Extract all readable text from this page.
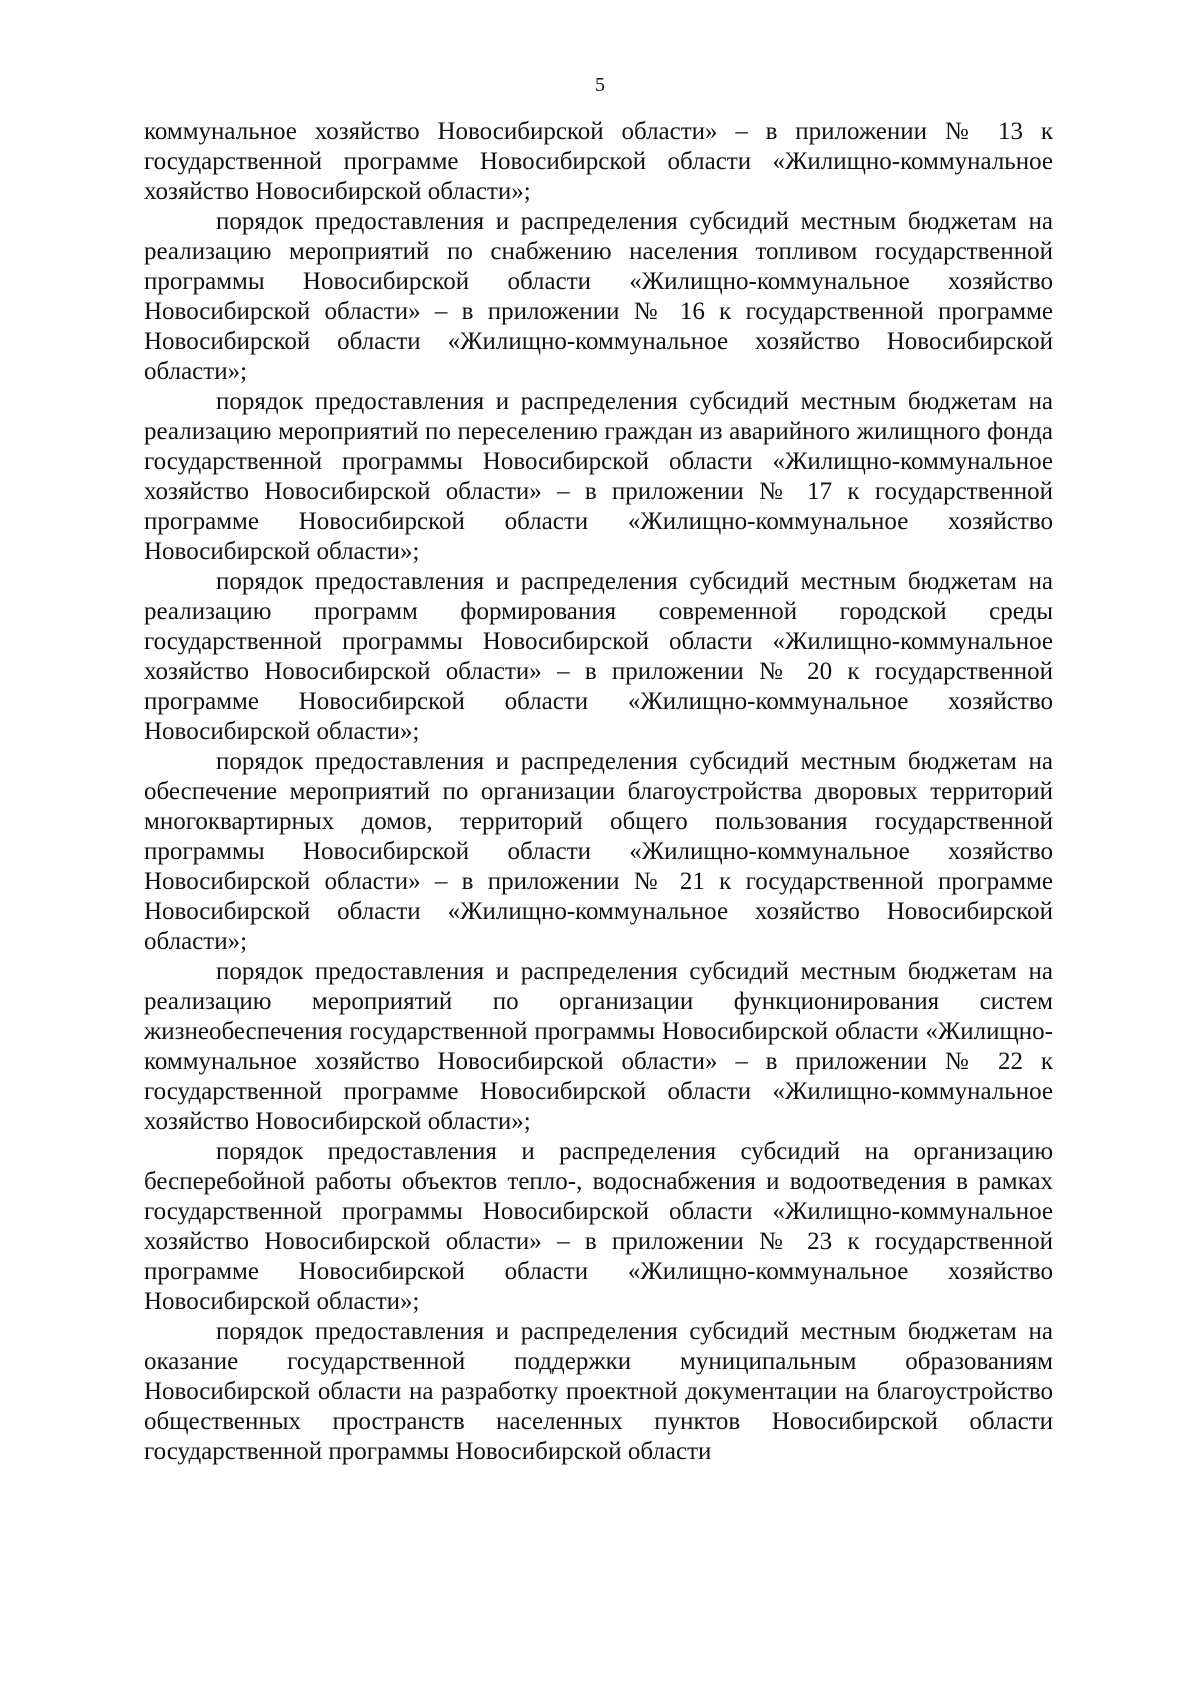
5

коммунальное хозяйство Новосибирской области» – в приложении № 13 к государственной программе Новосибирской области «Жилищно-коммунальное хозяйство Новосибирской области»;

порядок предоставления и распределения субсидий местным бюджетам на реализацию мероприятий по снабжению населения топливом государственной программы Новосибирской области «Жилищно-коммунальное хозяйство Новосибирской области» – в приложении № 16 к государственной программе Новосибирской области «Жилищно-коммунальное хозяйство Новосибирской области»;

порядок предоставления и распределения субсидий местным бюджетам на реализацию мероприятий по переселению граждан из аварийного жилищного фонда государственной программы Новосибирской области «Жилищно-коммунальное хозяйство Новосибирской области» – в приложении № 17 к государственной программе Новосибирской области «Жилищно-коммунальное хозяйство Новосибирской области»;

порядок предоставления и распределения субсидий местным бюджетам на реализацию программ формирования современной городской среды государственной программы Новосибирской области «Жилищно-коммунальное хозяйство Новосибирской области» – в приложении № 20 к государственной программе Новосибирской области «Жилищно-коммунальное хозяйство Новосибирской области»;

порядок предоставления и распределения субсидий местным бюджетам на обеспечение мероприятий по организации благоустройства дворовых территорий многоквартирных домов, территорий общего пользования государственной программы Новосибирской области «Жилищно-коммунальное хозяйство Новосибирской области» – в приложении № 21 к государственной программе Новосибирской области «Жилищно-коммунальное хозяйство Новосибирской области»;

порядок предоставления и распределения субсидий местным бюджетам на реализацию мероприятий по организации функционирования систем жизнеобеспечения государственной программы Новосибирской области «Жилищно-коммунальное хозяйство Новосибирской области» – в приложении № 22 к государственной программе Новосибирской области «Жилищно-коммунальное хозяйство Новосибирской области»;

порядок предоставления и распределения субсидий на организацию бесперебойной работы объектов тепло-, водоснабжения и водоотведения в рамках государственной программы Новосибирской области «Жилищно-коммунальное хозяйство Новосибирской области» – в приложении № 23 к государственной программе Новосибирской области «Жилищно-коммунальное хозяйство Новосибирской области»;

порядок предоставления и распределения субсидий местным бюджетам на оказание государственной поддержки муниципальным образованиям Новосибирской области на разработку проектной документации на благоустройство общественных пространств населенных пунктов Новосибирской области государственной программы Новосибирской области
